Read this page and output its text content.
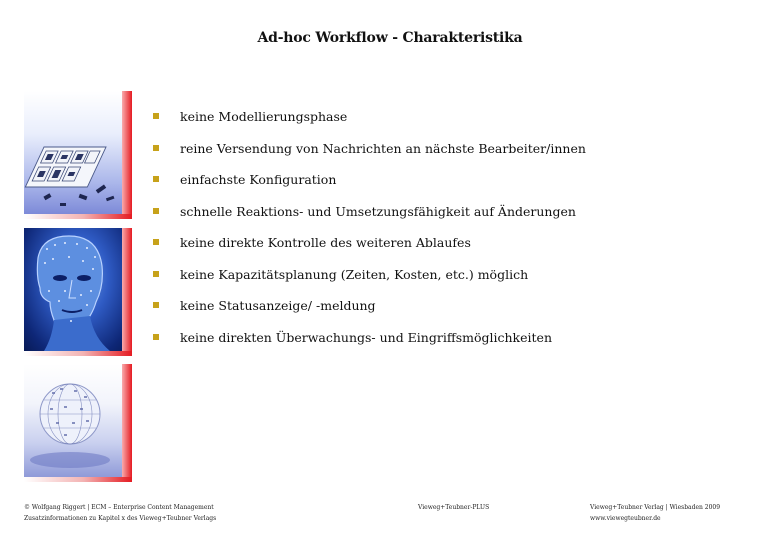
Ad-hoc Workflow - Charakteristika
keine Modellierungsphase
reine Versendung von Nachrichten an nächste Bearbeiter/innen
einfachste Konfiguration
schnelle Reaktions- und Umsetzungsfähigkeit auf Änderungen
keine direkte Kontrolle des weiteren Ablaufes
keine Kapazitätsplanung (Zeiten, Kosten, etc.) möglich
keine Statusanzeige/ -meldung
keine direkten Überwachungs- und Eingriffsmöglichkeiten
© Wolfgang Riggert | ECM – Enterprise Content Management
Zusatzinformationen zu Kapitel x des Vieweg+Teubner Verlags
Vieweg+Teubner-PLUS	Vieweg+Teubner Verlag | Wiesbaden 2009
www.viewegteubner.de
